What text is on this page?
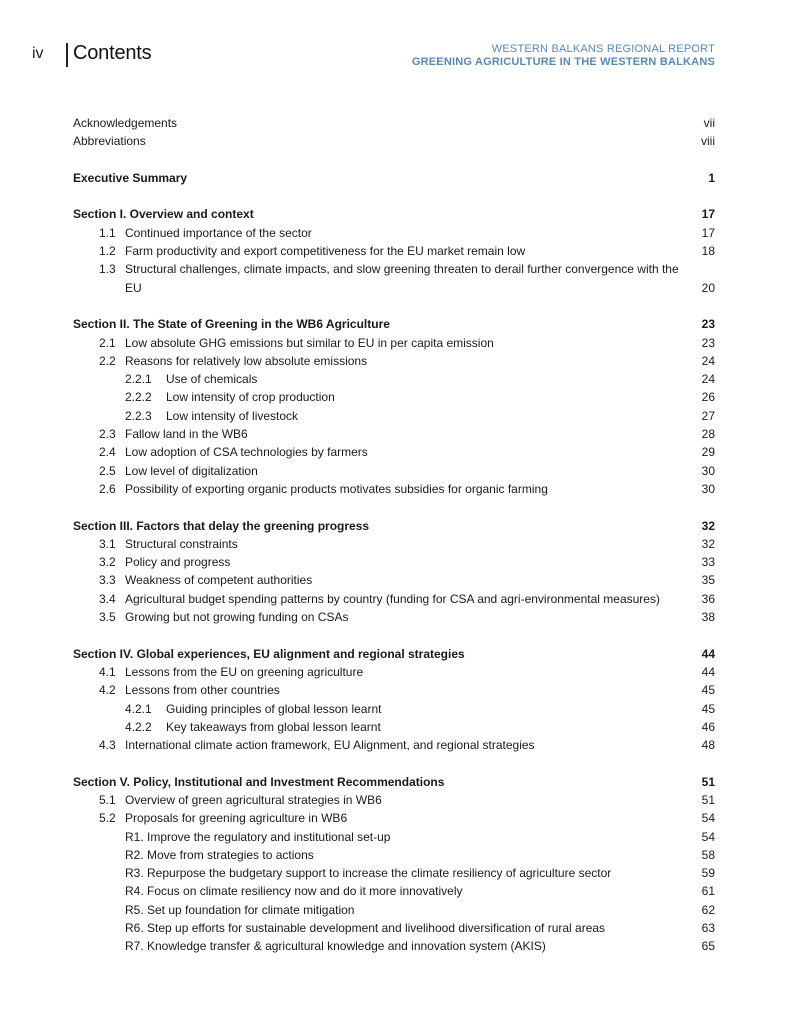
iv Contents	WESTERN BALKANS REGIONAL REPORT
GREENING AGRICULTURE IN THE WESTERN BALKANS
Acknowledgements	vii
Abbreviations	viii
Executive Summary	1
Section I. Overview and context	17
1.1 Continued importance of the sector	17
1.2 Farm productivity and export competitiveness for the EU market remain low	18
1.3 Structural challenges, climate impacts, and slow greening threaten to derail further convergence with the EU	20
Section II. The State of Greening in the WB6 Agriculture	23
2.1 Low absolute GHG emissions but similar to EU in per capita emission	23
2.2 Reasons for relatively low absolute emissions	24
2.2.1	Use of chemicals	24
2.2.2	Low intensity of crop production	26
2.2.3	Low intensity of livestock	27
2.3 Fallow land in the WB6	28
2.4 Low adoption of CSA technologies by farmers	29
2.5 Low level of digitalization	30
2.6 Possibility of exporting organic products motivates subsidies for organic farming	30
Section III. Factors that delay the greening progress	32
3.1 Structural constraints	32
3.2 Policy and progress	33
3.3 Weakness of competent authorities	35
3.4 Agricultural budget spending patterns by country (funding for CSA and agri-environmental measures)	36
3.5 Growing but not growing funding on CSAs	38
Section IV. Global experiences, EU alignment and regional strategies	44
4.1 Lessons from the EU on greening agriculture	44
4.2 Lessons from other countries	45
4.2.1	Guiding principles of global lesson learnt	45
4.2.2	Key takeaways from global lesson learnt	46
4.3 International climate action framework, EU Alignment, and regional strategies	48
Section V. Policy, Institutional and Investment Recommendations	51
5.1 Overview of green agricultural strategies in WB6	51
5.2 Proposals for greening agriculture in WB6	54
R1. Improve the regulatory and institutional set-up	54
R2. Move from strategies to actions	58
R3. Repurpose the budgetary support to increase the climate resiliency of agriculture sector	59
R4. Focus on climate resiliency now and do it more innovatively	61
R5. Set up foundation for climate mitigation	62
R6. Step up efforts for sustainable development and livelihood diversification of rural areas	63
R7. Knowledge transfer & agricultural knowledge and innovation system (AKIS)	65
